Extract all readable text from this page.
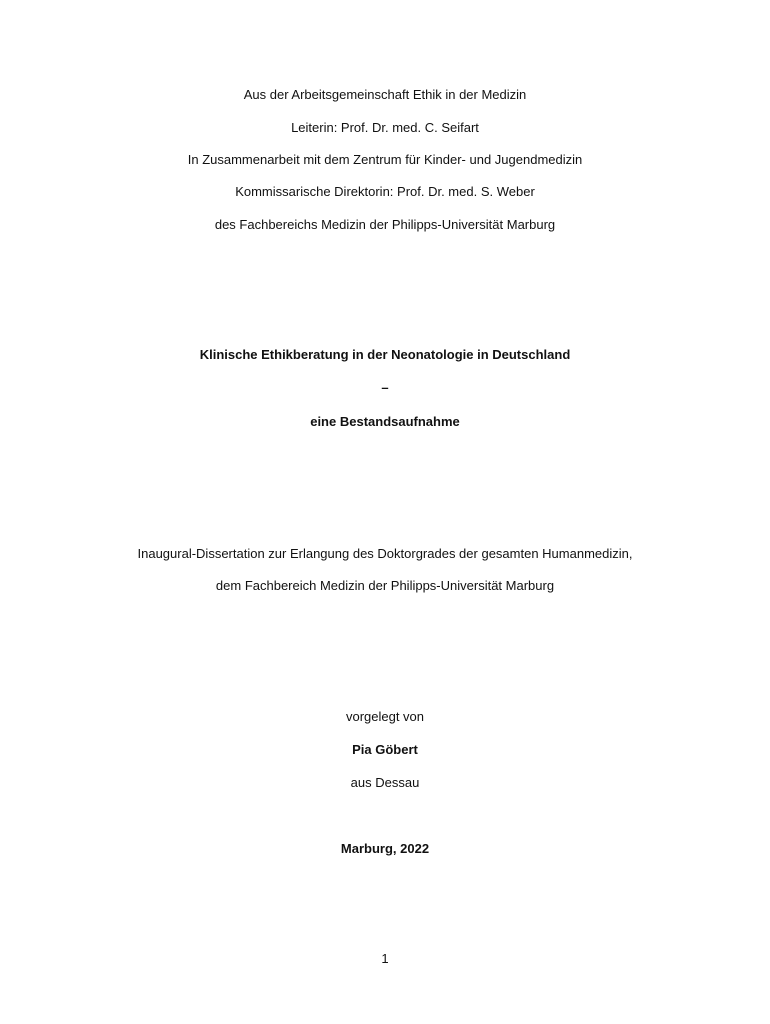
Aus der Arbeitsgemeinschaft Ethik in der Medizin
Leiterin: Prof. Dr. med. C. Seifart
In Zusammenarbeit mit dem Zentrum für Kinder- und Jugendmedizin
Kommissarische Direktorin: Prof. Dr. med. S. Weber
des Fachbereichs Medizin der Philipps-Universität Marburg
Klinische Ethikberatung in der Neonatologie in Deutschland
–
eine Bestandsaufnahme
Inaugural-Dissertation zur Erlangung des Doktorgrades der gesamten Humanmedizin,
dem Fachbereich Medizin der Philipps-Universität Marburg
vorgelegt von
Pia Göbert
aus Dessau
Marburg, 2022
1
